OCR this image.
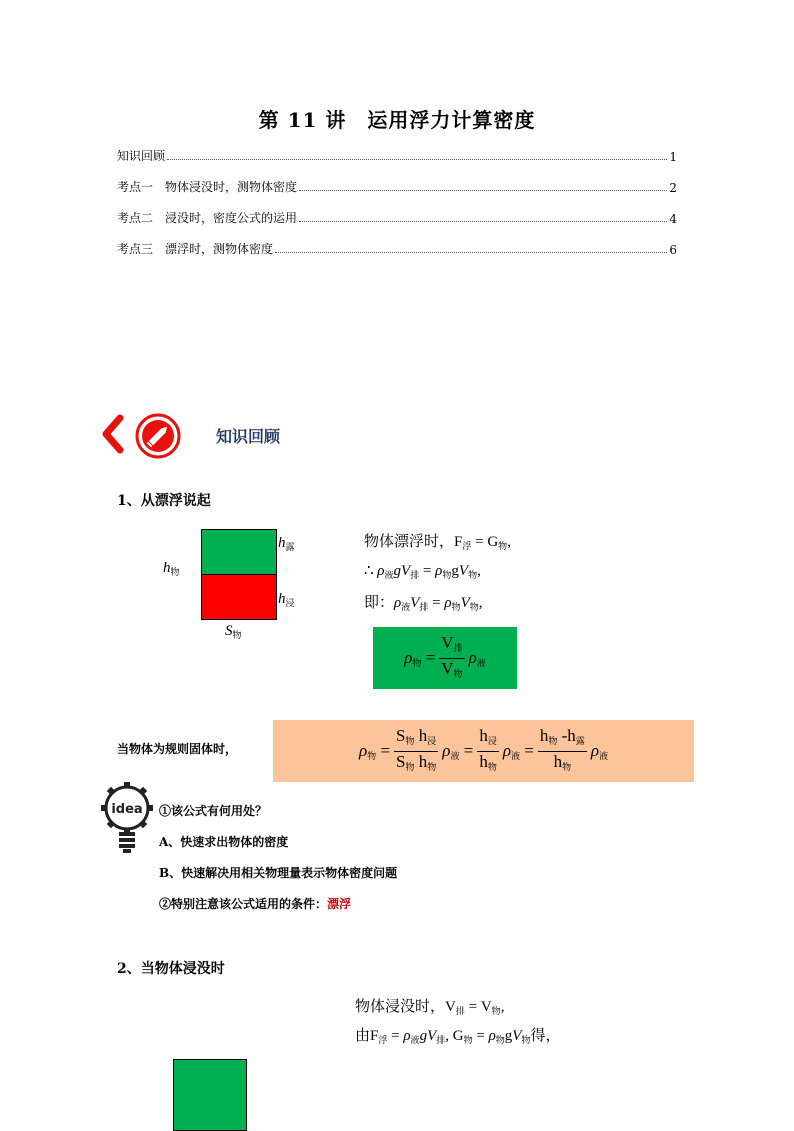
第 11 讲　运用浮力计算密度
知识回顾	1
考点一　物体浸没时，测物体密度	2
考点二　浸没时，密度公式的运用	4
考点三　漂浮时，测物体密度	6
知识回顾
1、从漂浮说起
$h_物$
$h_露$
$h_浸$
$S_物$
物体漂浮时，$F_浮 = G_物$,
∴ $\rho_液gV_排 = \rho_物gV_物$,
即：$\rho_液V_排 = \rho_物V_物$,
$\rho_物 = \frac{V_排}{V_物} \rho_液$
当物体为规则固体时，	$\rho_物 = \frac{S_物 h_浸}{S_物 h_物} \rho_液 = \frac{h_浸}{h_物} \rho_液 = \frac{h_物 -h_露}{h_物} \rho_液$
idea ①该公式有何用处？
A、快速求出物体的密度
B、快速解决用相关物理量表示物体密度问题
②特别注意该公式适用的条件：漂浮
2、当物体浸没时
物体浸没时，$V_排 = V_物$,
由$F_浮 = \rho_液gV_排$, $G_物 = \rho_物gV_物$得，
